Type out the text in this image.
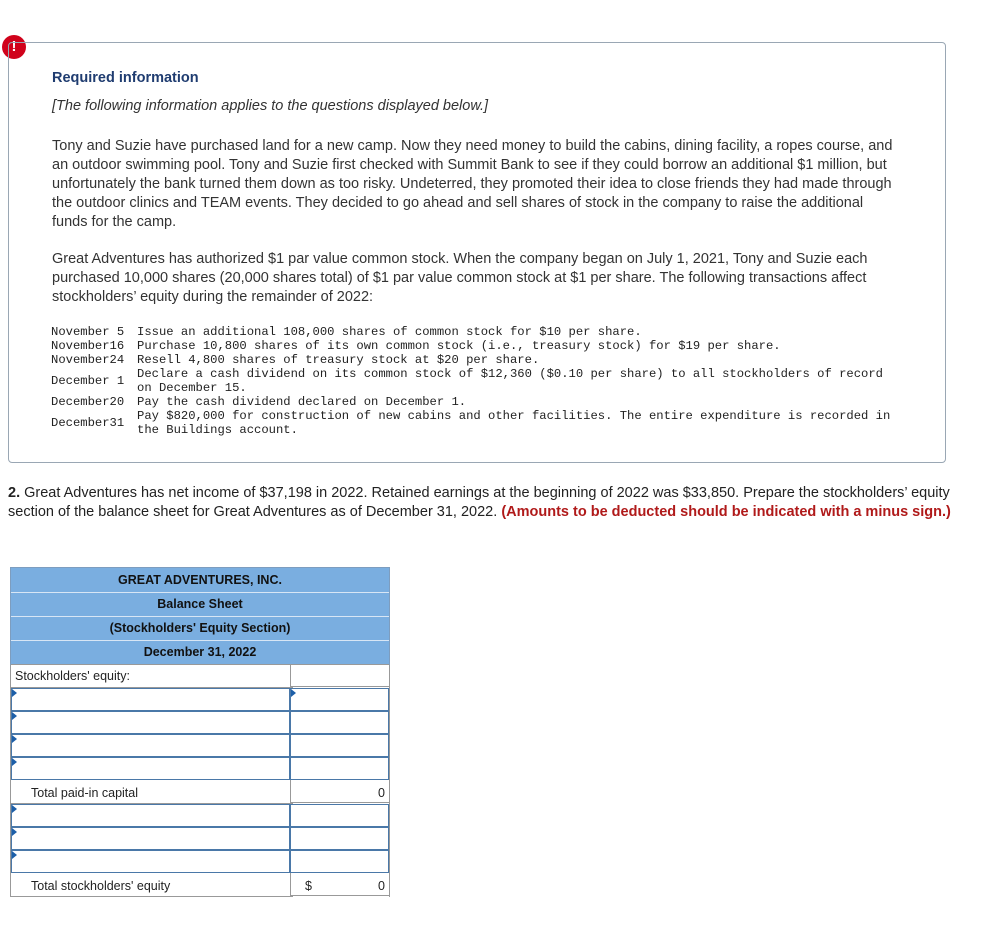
!
Required information
[The following information applies to the questions displayed below.]
Tony and Suzie have purchased land for a new camp. Now they need money to build the cabins, dining facility, a ropes course, and an outdoor swimming pool. Tony and Suzie first checked with Summit Bank to see if they could borrow an additional $1 million, but unfortunately the bank turned them down as too risky. Undeterred, they promoted their idea to close friends they had made through the outdoor clinics and TEAM events. They decided to go ahead and sell shares of stock in the company to raise the additional funds for the camp.
Great Adventures has authorized $1 par value common stock. When the company began on July 1, 2021, Tony and Suzie each purchased 10,000 shares (20,000 shares total) of $1 par value common stock at $1 per share. The following transactions affect stockholders’ equity during the remainder of 2022:
November 5 Issue an additional 108,000 shares of common stock for $10 per share.
November16 Purchase 10,800 shares of its own common stock (i.e., treasury stock) for $19 per share.
November24 Resell 4,800 shares of treasury stock at $20 per share.
December 1 Declare a cash dividend on its common stock of $12,360 ($0.10 per share) to all stockholders of record on December 15.
December20 Pay the cash dividend declared on December 1.
December31 Pay $820,000 for construction of new cabins and other facilities. The entire expenditure is recorded in the Buildings account.
2. Great Adventures has net income of $37,198 in 2022. Retained earnings at the beginning of 2022 was $33,850. Prepare the stockholders’ equity section of the balance sheet for Great Adventures as of December 31, 2022. (Amounts to be deducted should be indicated with a minus sign.)
GREAT ADVENTURES, INC.
Balance Sheet
(Stockholders' Equity Section)
December 31, 2022
Stockholders' equity:
Total paid-in capital	0
Total stockholders' equity	$	0
